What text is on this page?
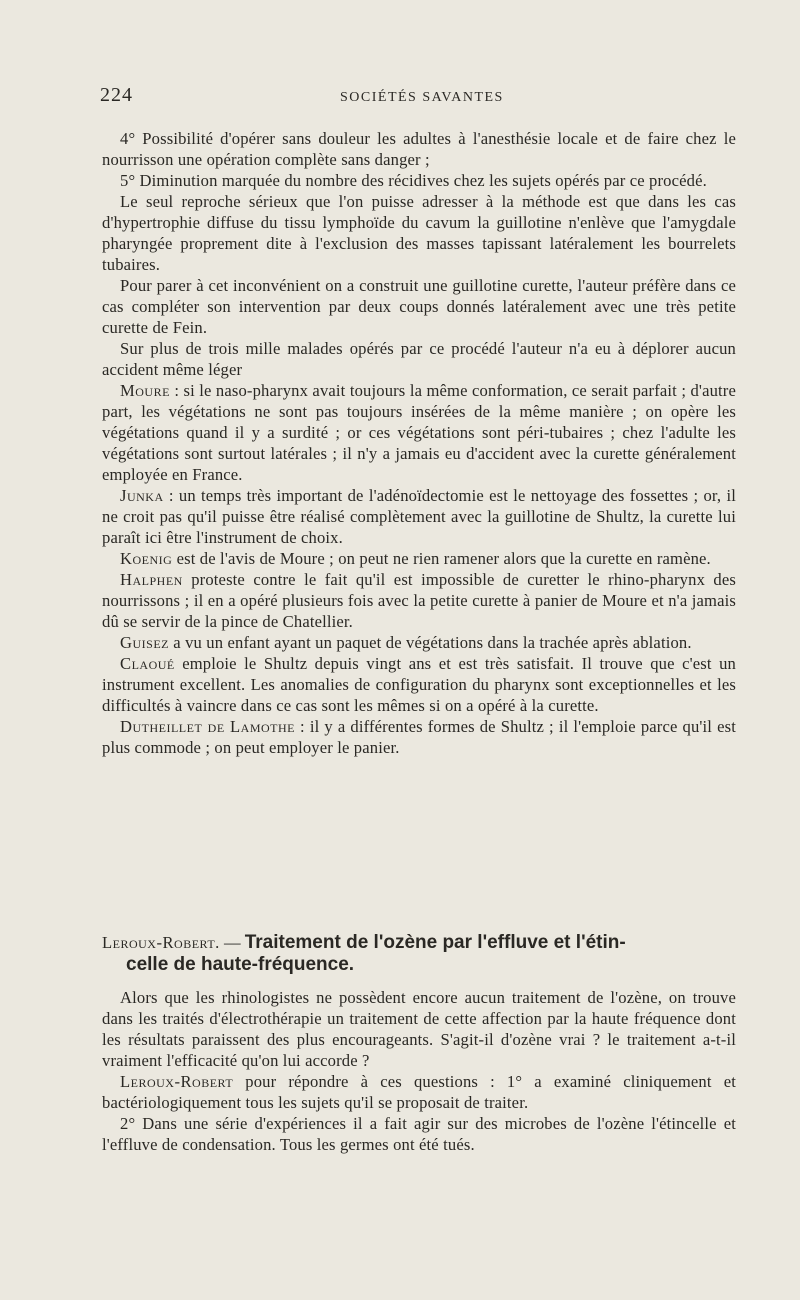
224	SOCIÉTÉS SAVANTES

4° Possibilité d'opérer sans douleur les adultes à l'anesthésie locale et de faire chez le nourrisson une opération complète sans danger ;

5° Diminution marquée du nombre des récidives chez les sujets opérés par ce procédé.

Le seul reproche sérieux que l'on puisse adresser à la méthode est que dans les cas d'hypertrophie diffuse du tissu lymphoïde du cavum la guillotine n'enlève que l'amygdale pharyngée proprement dite à l'exclusion des masses tapissant latéralement les bourrelets tubaires.

Pour parer à cet inconvénient on a construit une guillotine curette, l'auteur préfère dans ce cas compléter son intervention par deux coups donnés latéralement avec une très petite curette de Fein.

Sur plus de trois mille malades opérés par ce procédé l'auteur n'a eu à déplorer aucun accident même léger

Moure : si le naso-pharynx avait toujours la même conformation, ce serait parfait ; d'autre part, les végétations ne sont pas toujours insérées de la même manière ; on opère les végétations quand il y a surdité ; or ces végétations sont péri-tubaires ; chez l'adulte les végétations sont surtout latérales ; il n'y a jamais eu d'accident avec la curette généralement employée en France.

Junka : un temps très important de l'adénoïdectomie est le nettoyage des fossettes ; or, il ne croit pas qu'il puisse être réalisé complètement avec la guillotine de Shultz, la curette lui paraît ici être l'instrument de choix.

Koenig est de l'avis de Moure ; on peut ne rien ramener alors que la curette en ramène.

Halphen proteste contre le fait qu'il est impossible de curetter le rhino-pharynx des nourrissons ; il en a opéré plusieurs fois avec la petite curette à panier de Moure et n'a jamais dû se servir de la pince de Chatellier.

Guisez a vu un enfant ayant un paquet de végétations dans la trachée après ablation.

Claoué emploie le Shultz depuis vingt ans et est très satisfait. Il trouve que c'est un instrument excellent. Les anomalies de configuration du pharynx sont exceptionnelles et les difficultés à vaincre dans ce cas sont les mêmes si on a opéré à la curette.

Dutheillet de Lamothe : il y a différentes formes de Shultz ; il l'emploie parce qu'il est plus commode ; on peut employer le panier.

Leroux-Robert. — Traitement de l'ozène par l'effluve et l'étin-
celle de haute-fréquence.

Alors que les rhinologistes ne possèdent encore aucun traitement de l'ozène, on trouve dans les traités d'électrothérapie un traitement de cette affection par la haute fréquence dont les résultats paraissent des plus encourageants. S'agit-il d'ozène vrai ? le traitement a-t-il vraiment l'efficacité qu'on lui accorde ?

Leroux-Robert pour répondre à ces questions : 1° a examiné cliniquement et bactériologiquement tous les sujets qu'il se proposait de traiter.

2° Dans une série d'expériences il a fait agir sur des microbes de l'ozène l'étincelle et l'effluve de condensation. Tous les germes ont été tués.
